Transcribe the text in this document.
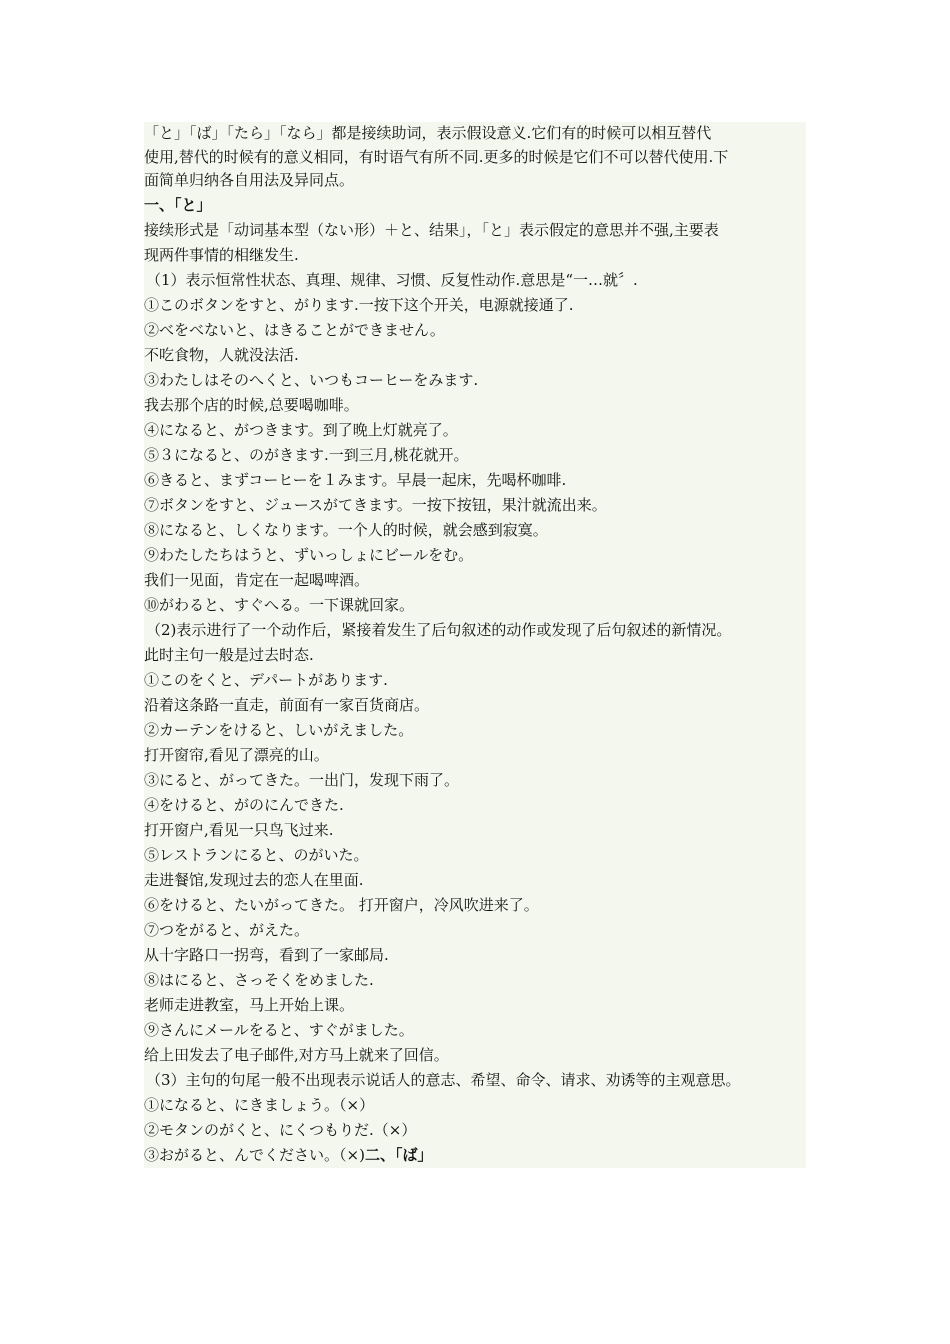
「と」「ば」「たら」「なら」都是接续助词，表示假设意义.它们有的时候可以相互替代
使用,替代的时候有的意义相同，有时语气有所不同.更多的时候是它们不可以替代使用.下
面简单归纳各自用法及异同点。
一、「と」
接续形式是「动词基本型（ない形）＋と、结果」，「と」表示假定的意思并不强,主要表
现两件事情的相继发生.
（1）表示恒常性状态、真理、规律、习惯、反复性动作.意思是“一…就〞.
①このボタンをすと、がります.一按下这个开关，电源就接通了.
②べをべないと、はきることができません。
不吃食物，人就没法活.
③わたしはそのへくと、いつもコーヒーをみます.
我去那个店的时候,总要喝咖啡。
④になると、がつきます。到了晚上灯就亮了。
⑤３になると、のがきます.一到三月,桃花就开。
⑥きると、まずコーヒーを１みます。早晨一起床，先喝杯咖啡.
⑦ボタンをすと、ジュースがてきます。一按下按钮，果汁就流出来。
⑧になると、しくなります。一个人的时候，就会感到寂寞。
⑨わたしたちはうと、ずいっしょにビールをむ。
我们一见面，肯定在一起喝啤酒。
⑩がわると、すぐへる。一下课就回家。
（2)表示进行了一个动作后，紧接着发生了后句叙述的动作或发现了后句叙述的新情况。
此时主句一般是过去时态.
①このをくと、デパートがあります.
沿着这条路一直走，前面有一家百货商店。
②カーテンをけると、しいがえました。
打开窗帘,看见了漂亮的山。
③にると、がってきた。一出门，发现下雨了。
④をけると、がのにんできた.
打开窗户,看见一只鸟飞过来.
⑤レストランにると、のがいた。
走进餐馆,发现过去的恋人在里面.
⑥をけると、たいがってきた。 打开窗户，冷风吹进来了。
⑦つをがると、がえた。
从十字路口一拐弯，看到了一家邮局.
⑧はにると、さっそくをめました.
老师走进教室，马上开始上课。
⑨さんにメールをると、すぐがました。
给上田发去了电子邮件,对方马上就来了回信。
（3）主句的句尾一般不出现表示说话人的意志、希望、命令、请求、劝诱等的主观意思。
①になると、にきましょう。（×）
②モタンのがくと、にくつもりだ.（×）
③おがると、んでください。（×)二、「ば」
